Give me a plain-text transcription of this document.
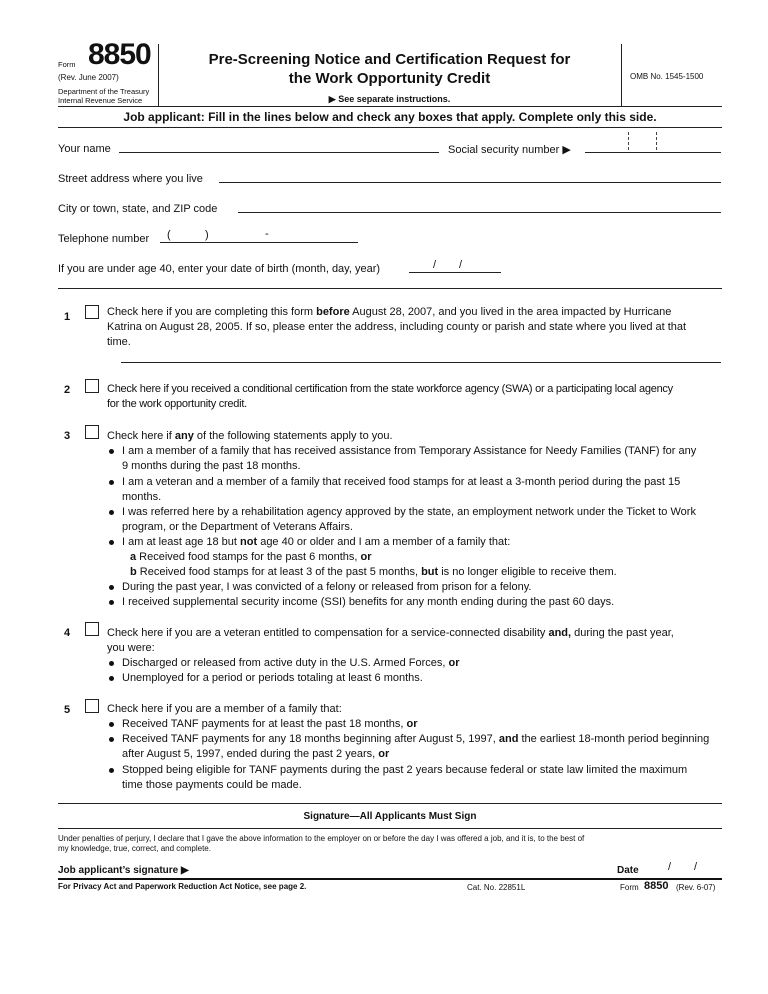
Form 8850
(Rev. June 2007)
Department of the Treasury
Internal Revenue Service
Pre-Screening Notice and Certification Request for
the Work Opportunity Credit
▶ See separate instructions.
OMB No. 1545-1500
Job applicant: Fill in the lines below and check any boxes that apply. Complete only this side.
Your name	Social security number ▶
Street address where you live
City or town, state, and ZIP code
Telephone number (	)	-
If you are under age 40, enter your date of birth (month, day, year)	/ /
1	Check here if you are completing this form before August 28, 2007, and you lived in the area impacted by Hurricane
Katrina on August 28, 2005. If so, please enter the address, including county or parish and state where you lived at that
time.
2	Check here if you received a conditional certification from the state workforce agency (SWA) or a participating local agency
for the work opportunity credit.
3	Check here if any of the following statements apply to you.
I am a member of a family that has received assistance from Temporary Assistance for Needy Families (TANF) for any
9 months during the past 18 months.
I am a veteran and a member of a family that received food stamps for at least a 3-month period during the past 15
months.
I was referred here by a rehabilitation agency approved by the state, an employment network under the Ticket to Work
program, or the Department of Veterans Affairs.
I am at least age 18 but not age 40 or older and I am a member of a family that:
a Received food stamps for the past 6 months, or
b Received food stamps for at least 3 of the past 5 months, but is no longer eligible to receive them.
During the past year, I was convicted of a felony or released from prison for a felony.
I received supplemental security income (SSI) benefits for any month ending during the past 60 days.
4	Check here if you are a veteran entitled to compensation for a service-connected disability and, during the past year,
you were:
Discharged or released from active duty in the U.S. Armed Forces, or
Unemployed for a period or periods totaling at least 6 months.
5	Check here if you are a member of a family that:
Received TANF payments for at least the past 18 months, or
Received TANF payments for any 18 months beginning after August 5, 1997, and the earliest 18-month period beginning
after August 5, 1997, ended during the past 2 years, or
Stopped being eligible for TANF payments during the past 2 years because federal or state law limited the maximum
time those payments could be made.
Signature—All Applicants Must Sign
Under penalties of perjury, I declare that I gave the above information to the employer on or before the day I was offered a job, and it is, to the best of
my knowledge, true, correct, and complete.
Job applicant’s signature ▶	Date	/ /
For Privacy Act and Paperwork Reduction Act Notice, see page 2.	Cat. No. 22851L	Form 8850 (Rev. 6-07)
